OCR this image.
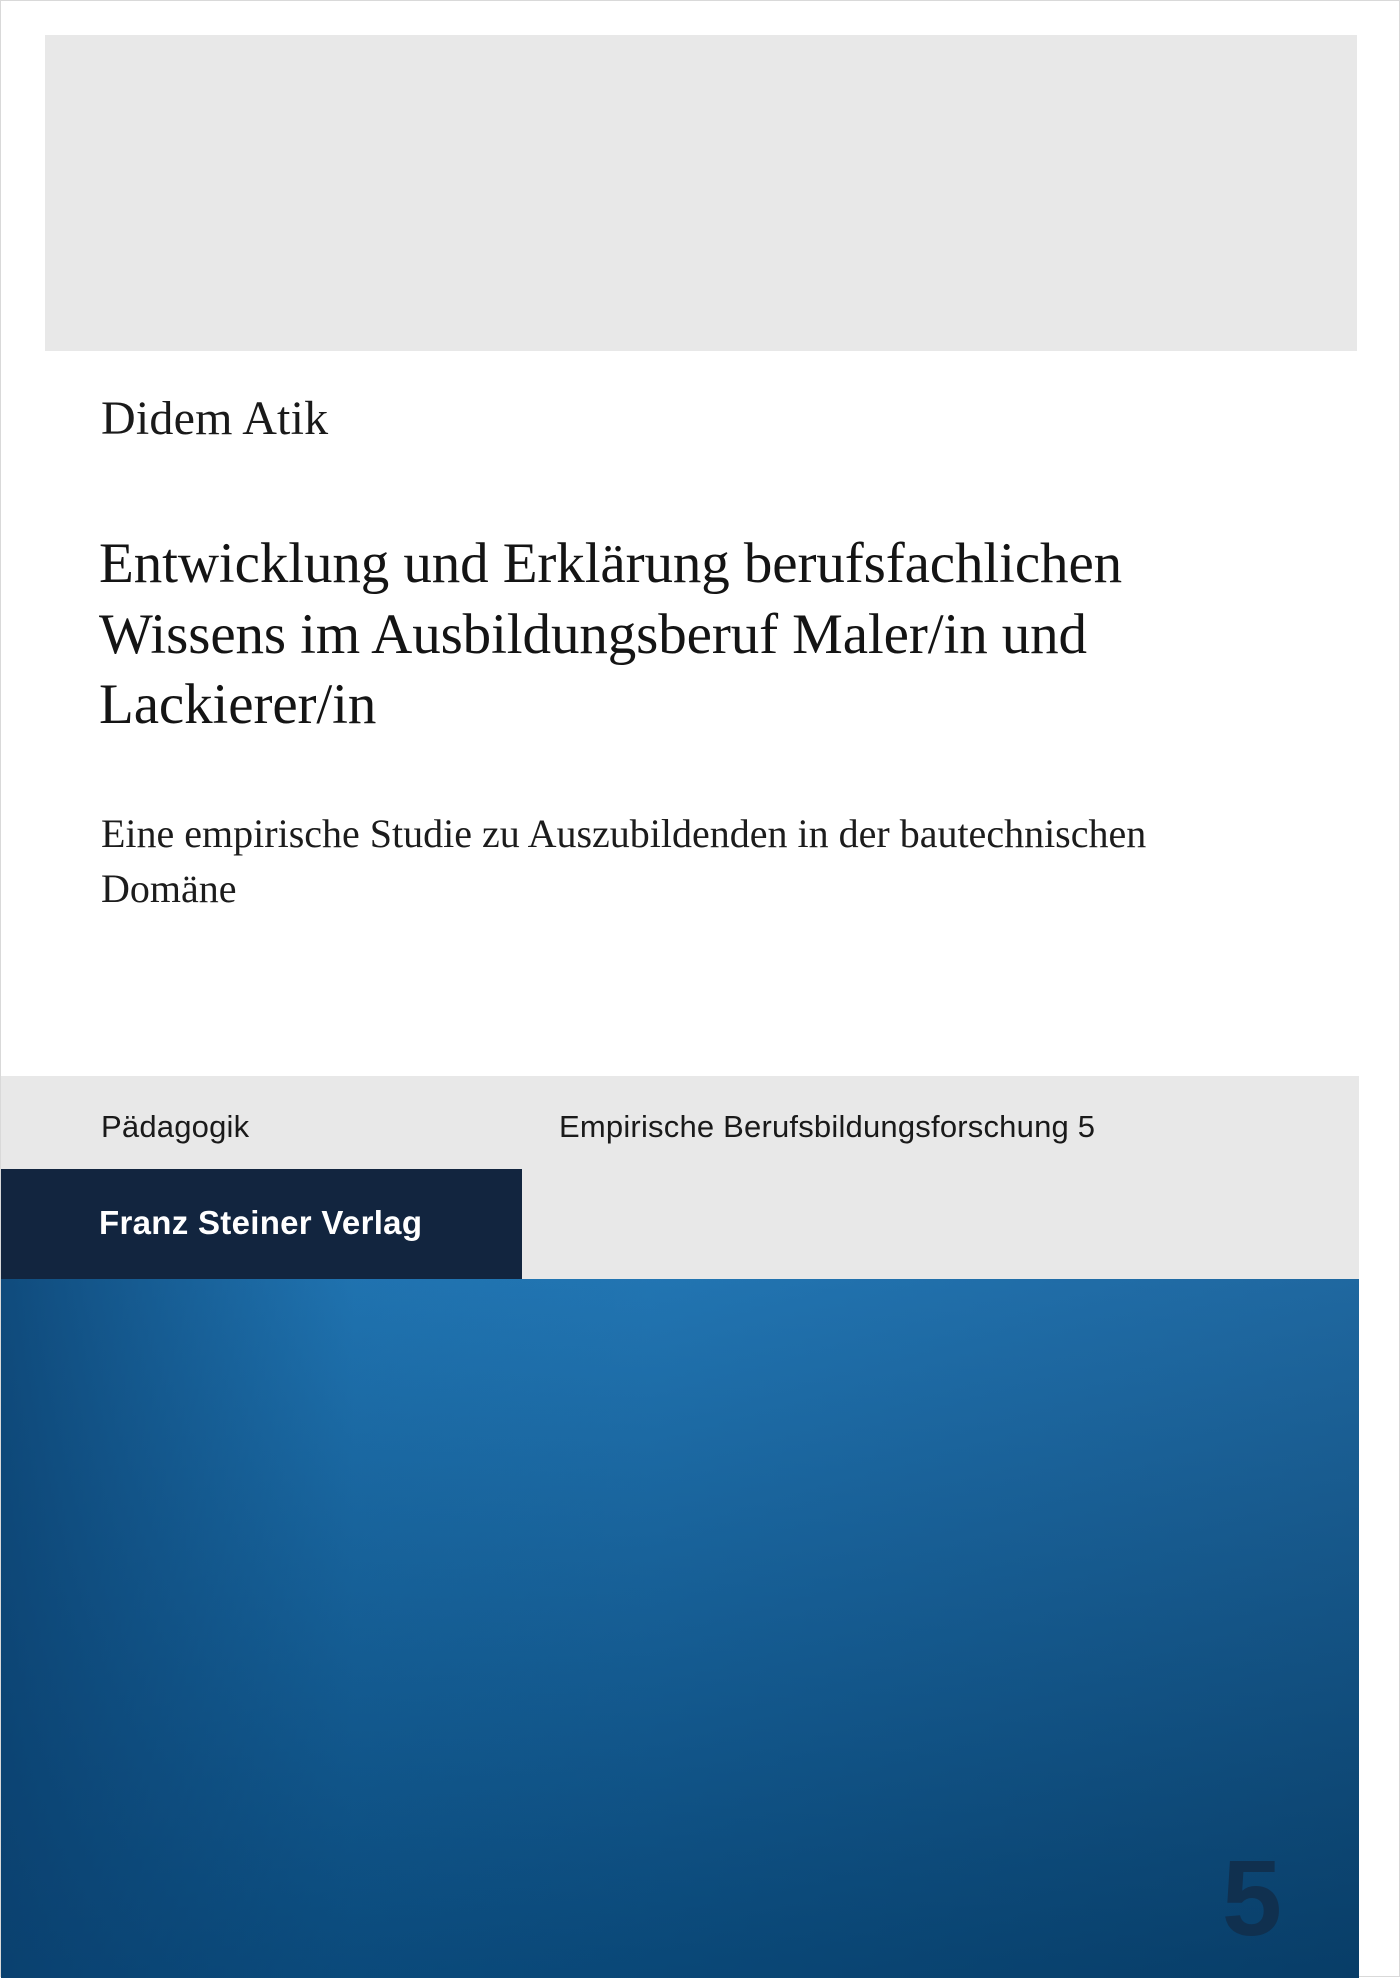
Didem Atik
Entwicklung und Erklärung berufsfachlichen Wissens im Ausbildungsberuf Maler/in und Lackierer/in
Eine empirische Studie zu Auszubildenden in der bautechnischen Domäne
Pädagogik	Empirische Berufsbildungsforschung 5
Franz Steiner Verlag
5
